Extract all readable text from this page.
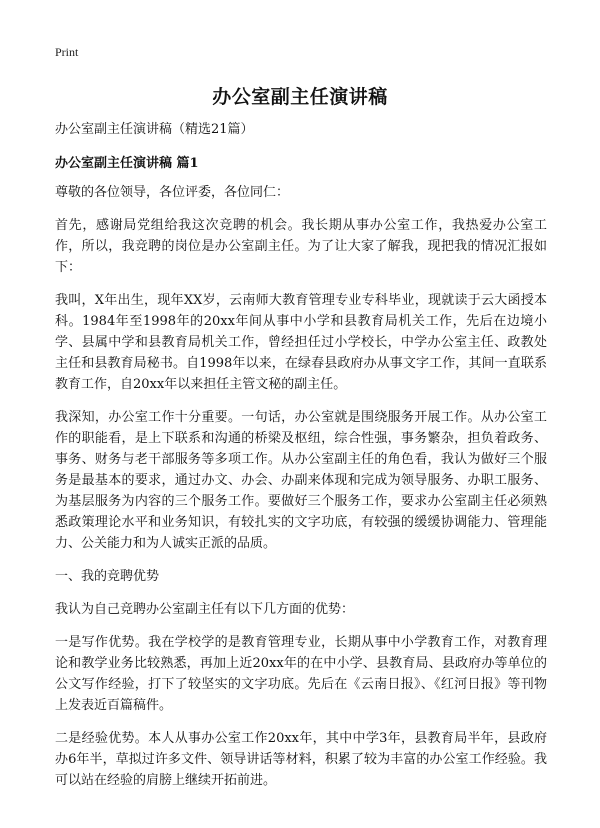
Print
办公室副主任演讲稿

办公室副主任演讲稿（精选21篇）

办公室副主任演讲稿 篇1

尊敬的各位领导，各位评委，各位同仁：

首先，感谢局党组给我这次竞聘的机会。我长期从事办公室工作，我热爱办公室工作，所以，我竞聘的岗位是办公室副主任。为了让大家了解我，现把我的情况汇报如下：

我叫，X年出生，现年XX岁，云南师大教育管理专业专科毕业，现就读于云大函授本科。1984年至1998年的20xx年间从事中小学和县教育局机关工作，先后在边境小学、县属中学和县教育局机关工作，曾经担任过小学校长，中学办公室主任、政教处主任和县教育局秘书。自1998年以来，在绿春县政府办从事文字工作，其间一直联系教育工作，自20xx年以来担任主管文秘的副主任。

我深知，办公室工作十分重要。一句话，办公室就是围绕服务开展工作。从办公室工作的职能看，是上下联系和沟通的桥梁及枢纽，综合性强，事务繁杂，担负着政务、事务、财务与老干部服务等多项工作。从办公室副主任的角色看，我认为做好三个服务是最基本的要求，通过办文、办会、办副来体现和完成为领导服务、办职工服务、为基层服务为内容的三个服务工作。要做好三个服务工作，要求办公室副主任必须熟悉政策理论水平和业务知识，有较扎实的文字功底，有较强的缓缓协调能力、管理能力、公关能力和为人诚实正派的品质。

一、我的竞聘优势

我认为自己竞聘办公室副主任有以下几方面的优势：

一是写作优势。我在学校学的是教育管理专业，长期从事中小学教育工作，对教育理论和教学业务比较熟悉，再加上近20xx年的在中小学、县教育局、县政府办等单位的公文写作经验，打下了较坚实的文字功底。先后在《云南日报》、《红河日报》等刊物上发表近百篇稿件。

二是经验优势。本人从事办公室工作20xx年，其中中学3年，县教育局半年，县政府办6年半，草拟过许多文件、领导讲话等材料，积累了较为丰富的办公室工作经验。我可以站在经验的肩膀上继续开拓前进。
